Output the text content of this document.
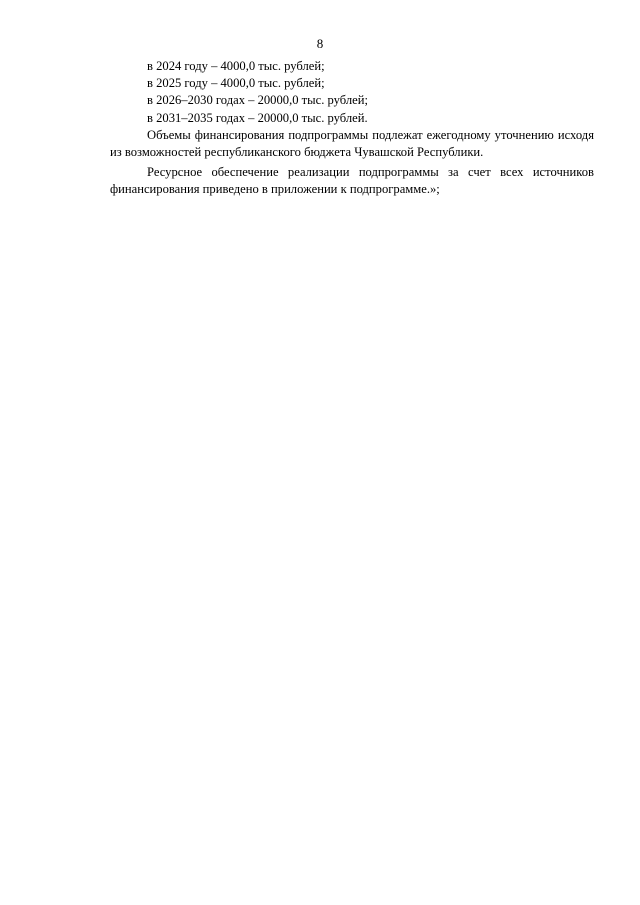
8
в 2024 году – 4000,0 тыс. рублей;
в 2025 году – 4000,0 тыс. рублей;
в 2026–2030 годах – 20000,0 тыс. рублей;
в 2031–2035 годах – 20000,0 тыс. рублей.

Объемы финансирования подпрограммы подлежат ежегодному уточнению исходя из возможностей республиканского бюджета Чувашской Республики.

Ресурсное обеспечение реализации подпрограммы за счет всех источников финансирования приведено в приложении к подпрограмме.»;
